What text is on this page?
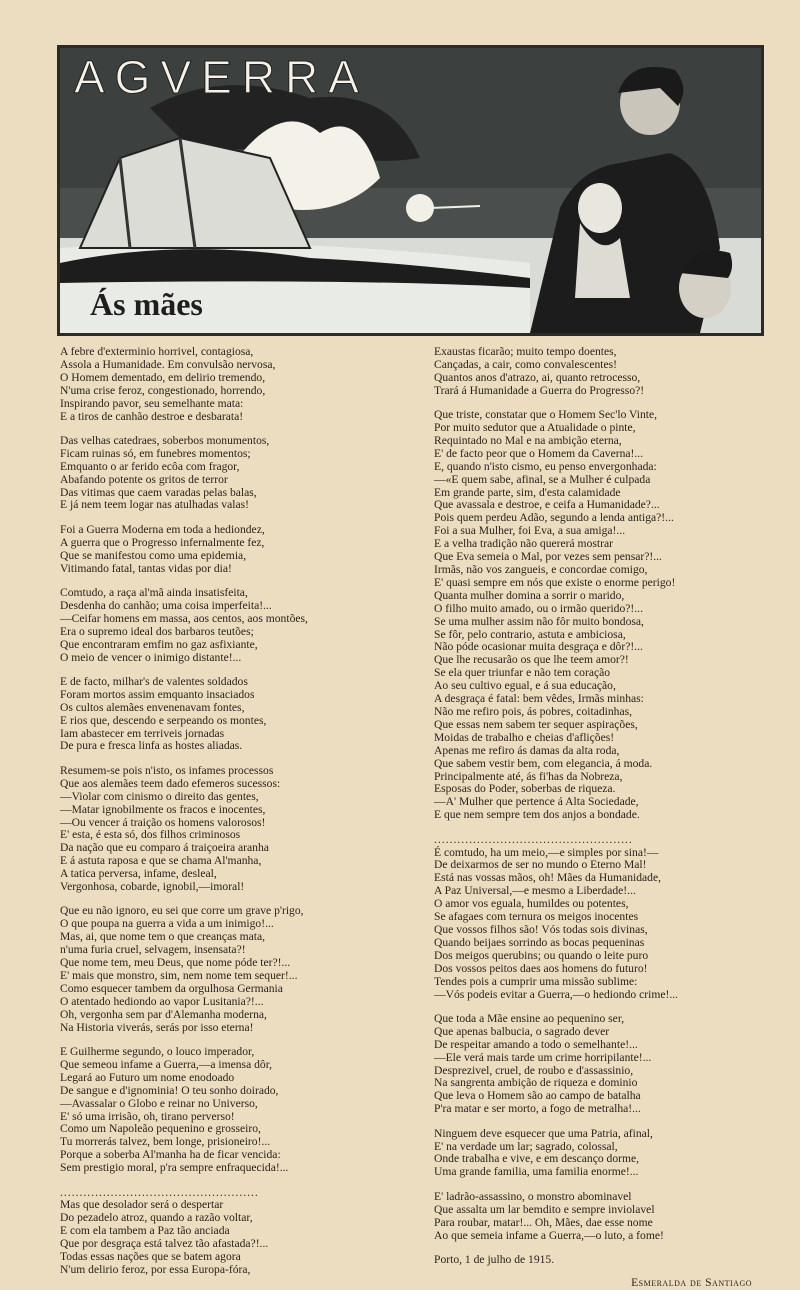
AGVERRA
Ás mães
A febre d'exterminio horrivel, contagiosa,
Assola a Humanidade. Em convulsão nervosa,
O Homem dementado, em delirio tremendo,
N'uma crise feroz, congestionado, horrendo,
Inspirando pavor, seu semelhante mata:
E a tiros de canhão destroe e desbarata!
Das velhas catedraes, soberbos monumentos,
Ficam ruinas só, em funebres momentos;
Emquanto o ar ferido ecôa com fragor,
Abafando potente os gritos de terror
Das vitimas que caem varadas pelas balas,
E já nem teem logar nas atulhadas valas!
Foi a Guerra Moderna em toda a hediondez,
A guerra que o Progresso infernalmente fez,
Que se manifestou como uma epidemia,
Vitimando fatal, tantas vidas por dia!
Comtudo, a raça al'mã ainda insatisfeita,
Desdenha do canhão; uma coisa imperfeita!...
—Ceifar homens em massa, aos centos, aos montões,
Era o supremo ideal dos barbaros teutões;
Que encontraram emfim no gaz asfixiante,
O meio de vencer o inimigo distante!...
E de facto, milhar's de valentes soldados
Foram mortos assim emquanto insaciados
Os cultos alemães envenenavam fontes,
E rios que, descendo e serpeando os montes,
Iam abastecer em terriveis jornadas
De pura e fresca linfa as hostes aliadas.
Resumem-se pois n'isto, os infames processos
Que aos alemães teem dado efemeros sucessos:
—Violar com cinismo o direito das gentes,
—Matar ignobilmente os fracos e inocentes,
—Ou vencer á traição os homens valorosos!
E' esta, é esta só, dos filhos criminosos
Da nação que eu comparo á traiçoeira aranha
E á astuta raposa e que se chama Al'manha,
A tatica perversa, infame, desleal,
Vergonhosa, cobarde, ignobil,—imoral!
Que eu não ignoro, eu sei que corre um grave p'rigo,
O que poupa na guerra a vida a um inimigo!...
Mas, ai, que nome tem o que creanças mata,
n'uma furia cruel, selvagem, insensata?!
Que nome tem, meu Deus, que nome póde ter?!...
E' mais que monstro, sim, nem nome tem sequer!...
Como esquecer tambem da orgulhosa Germania
O atentado hediondo ao vapor Lusitania?!...
Oh, vergonha sem par d'Alemanha moderna,
Na Historia viverás, serás por isso eterna!
E Guilherme segundo, o louco imperador,
Que semeou infame a Guerra,—a imensa dôr,
Legará ao Futuro um nome enodoado
De sangue e d'ignominia! O teu sonho doirado,
—Avassalar o Globo e reinar no Universo,
E' só uma irrisão, oh, tirano perverso!
Como um Napoleão pequenino e grosseiro,
Tu morrerás talvez, bem longe, prisioneiro!...
Porque a soberba Al'manha ha de ficar vencida:
Sem prestigio moral, p'ra sempre enfraquecida!...
...................................................
Mas que desolador será o despertar
Do pezadelo atroz, quando a razão voltar,
E com ela tambem a Paz tão anciada
Que por desgraça está talvez tão afastada?!...
Todas essas nações que se batem agora
N'um delirio feroz, por essa Europa-fóra,
Exaustas ficarão; muito tempo doentes,
Cançadas, a cair, como convalescentes!
Quantos anos d'atrazo, ai, quanto retrocesso,
Trará á Humanidade a Guerra do Progresso?!
Que triste, constatar que o Homem Sec'lo Vinte,
Por muito sedutor que a Atualidade o pinte,
Requintado no Mal e na ambição eterna,
E' de facto peor que o Homem da Caverna!...
E, quando n'isto cismo, eu penso envergonhada:
—«E quem sabe, afinal, se a Mulher é culpada
Em grande parte, sim, d'esta calamidade
Que avassala e destroe, e ceifa a Humanidade?...
Pois quem perdeu Adão, segundo a lenda antiga?!...
Foi a sua Mulher, foi Eva, a sua amiga!...
E a velha tradição não quererá mostrar
Que Eva semeia o Mal, por vezes sem pensar?!...
Irmãs, não vos zangueis, e concordae comigo,
E' quasi sempre em nós que existe o enorme perigo!
Quanta mulher domina a sorrir o marido,
O filho muito amado, ou o irmão querido?!...
Se uma mulher assim não fôr muito bondosa,
Se fôr, pelo contrario, astuta e ambiciosa,
Não póde ocasionar muita desgraça e dôr?!...
Que lhe recusarão os que lhe teem amor?!
Se ela quer triunfar e não tem coração
Ao seu cultivo egual, e á sua educação,
A desgraça é fatal: bem vêdes, Irmãs minhas:
Não me refiro pois, ás pobres, coitadinhas,
Que essas nem sabem ter sequer aspirações,
Moidas de trabalho e cheias d'aflições!
Apenas me refiro ás damas da alta roda,
Que sabem vestir bem, com elegancia, á moda.
Principalmente até, ás fi'has da Nobreza,
Esposas do Poder, soberbas de riqueza.
—A' Mulher que pertence á Alta Sociedade,
E que nem sempre tem dos anjos a bondade.
...................................................
É comtudo, ha um meio,—e simples por sina!—
De deixarmos de ser no mundo o Eterno Mal!
Está nas vossas mãos, oh! Mães da Humanidade,
A Paz Universal,—e mesmo a Liberdade!...
O amor vos eguala, humildes ou potentes,
Se afagaes com ternura os meigos inocentes
Que vossos filhos são! Vós todas sois divinas,
Quando beijaes sorrindo as bocas pequeninas
Dos meigos querubins; ou quando o leite puro
Dos vossos peitos daes aos homens do futuro!
Tendes pois a cumprir uma missão sublime:
—Vós podeis evitar a Guerra,—o hediondo crime!...
Que toda a Mãe ensine ao pequenino ser,
Que apenas balbucia, o sagrado dever
De respeitar amando a todo o semelhante!...
—Ele verá mais tarde um crime horripilante!...
Desprezivel, cruel, de roubo e d'assassinio,
Na sangrenta ambição de riqueza e dominio
Que leva o Homem são ao campo de batalha
P'ra matar e ser morto, a fogo de metralha!...
Ninguem deve esquecer que uma Patria, afinal,
E' na verdade um lar; sagrado, colossal,
Onde trabalha e vive, e em descanço dorme,
Uma grande familia, uma familia enorme!...
E' ladrão-assassino, o monstro abominavel
Que assalta um lar bemdito e sempre inviolavel
Para roubar, matar!... Oh, Mães, dae esse nome
Ao que semeia infame a Guerra,—o luto, a fome!
Porto, 1 de julho de 1915.
Esmeralda de Santiago
